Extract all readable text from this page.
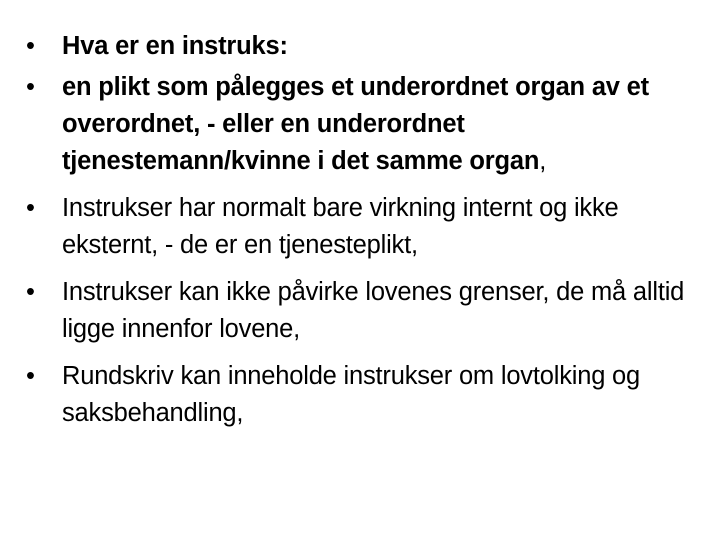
•	Hva er en instruks:
•	en plikt som pålegges et underordnet organ av et overordnet, - eller en underordnet tjenestemann/kvinne i det samme organ,
•	Instrukser har normalt bare virkning internt og ikke eksternt, - de er en tjenesteplikt,
•	Instrukser kan ikke påvirke lovenes grenser, de må alltid ligge innenfor lovene,
•	Rundskriv kan inneholde instrukser om lovtolking og saksbehandling,
